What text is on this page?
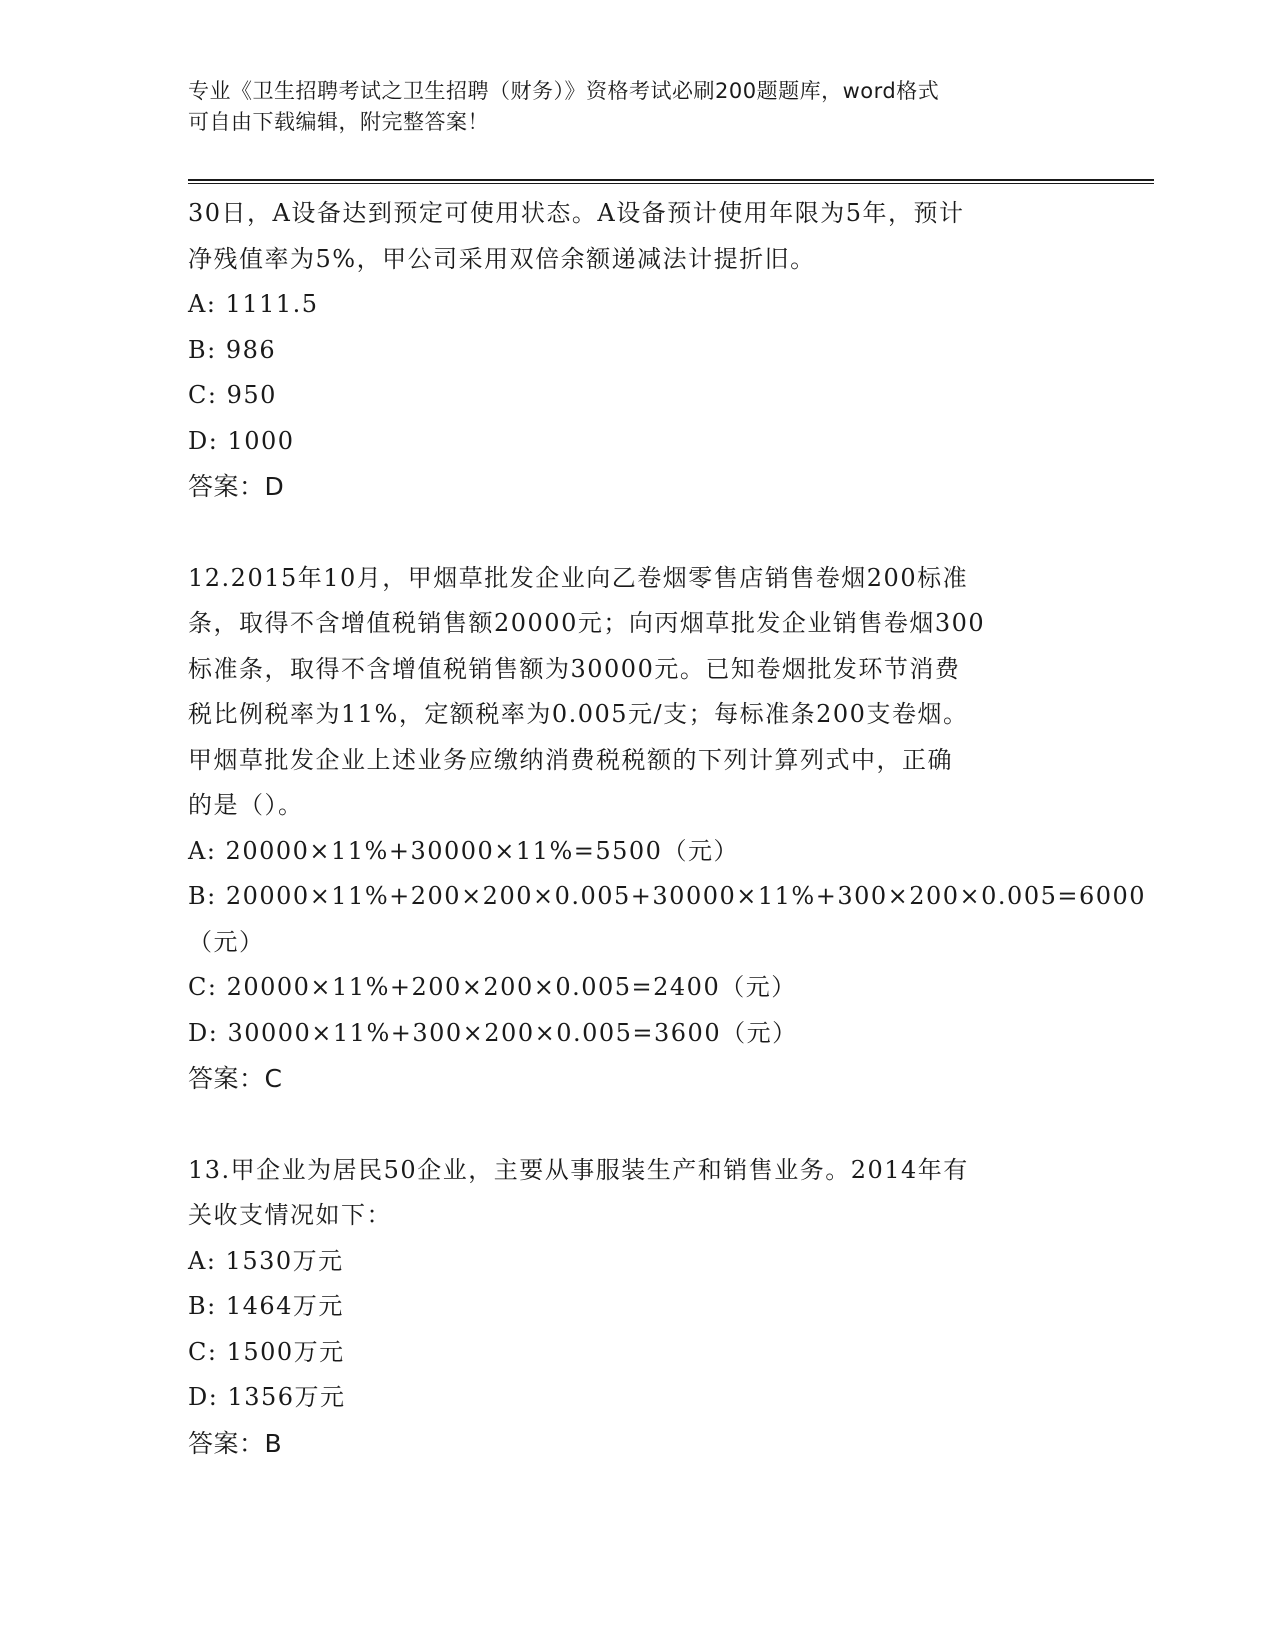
专业《卫生招聘考试之卫生招聘（财务）》资格考试必刷200题题库，word格式
可自由下载编辑，附完整答案！
30日，A设备达到预定可使用状态。A设备预计使用年限为5年，预计
净残值率为5%，甲公司采用双倍余额递减法计提折旧。
A: 1111.5
B: 986
C: 950
D: 1000
答案：D
12.2015年10月，甲烟草批发企业向乙卷烟零售店销售卷烟200标准
条，取得不含增值税销售额20000元；向丙烟草批发企业销售卷烟300
标准条，取得不含增值税销售额为30000元。已知卷烟批发环节消费
税比例税率为11%，定额税率为0.005元/支；每标准条200支卷烟。
甲烟草批发企业上述业务应缴纳消费税税额的下列计算列式中，正确
的是（）。
A: 20000×11%+30000×11%=5500（元）
B: 20000×11%+200×200×0.005+30000×11%+300×200×0.005=6000
（元）
C: 20000×11%+200×200×0.005=2400（元）
D: 30000×11%+300×200×0.005=3600（元）
答案：C
13.甲企业为居民50企业，主要从事服装生产和销售业务。2014年有
关收支情况如下：
A: 1530万元
B: 1464万元
C: 1500万元
D: 1356万元
答案：B
